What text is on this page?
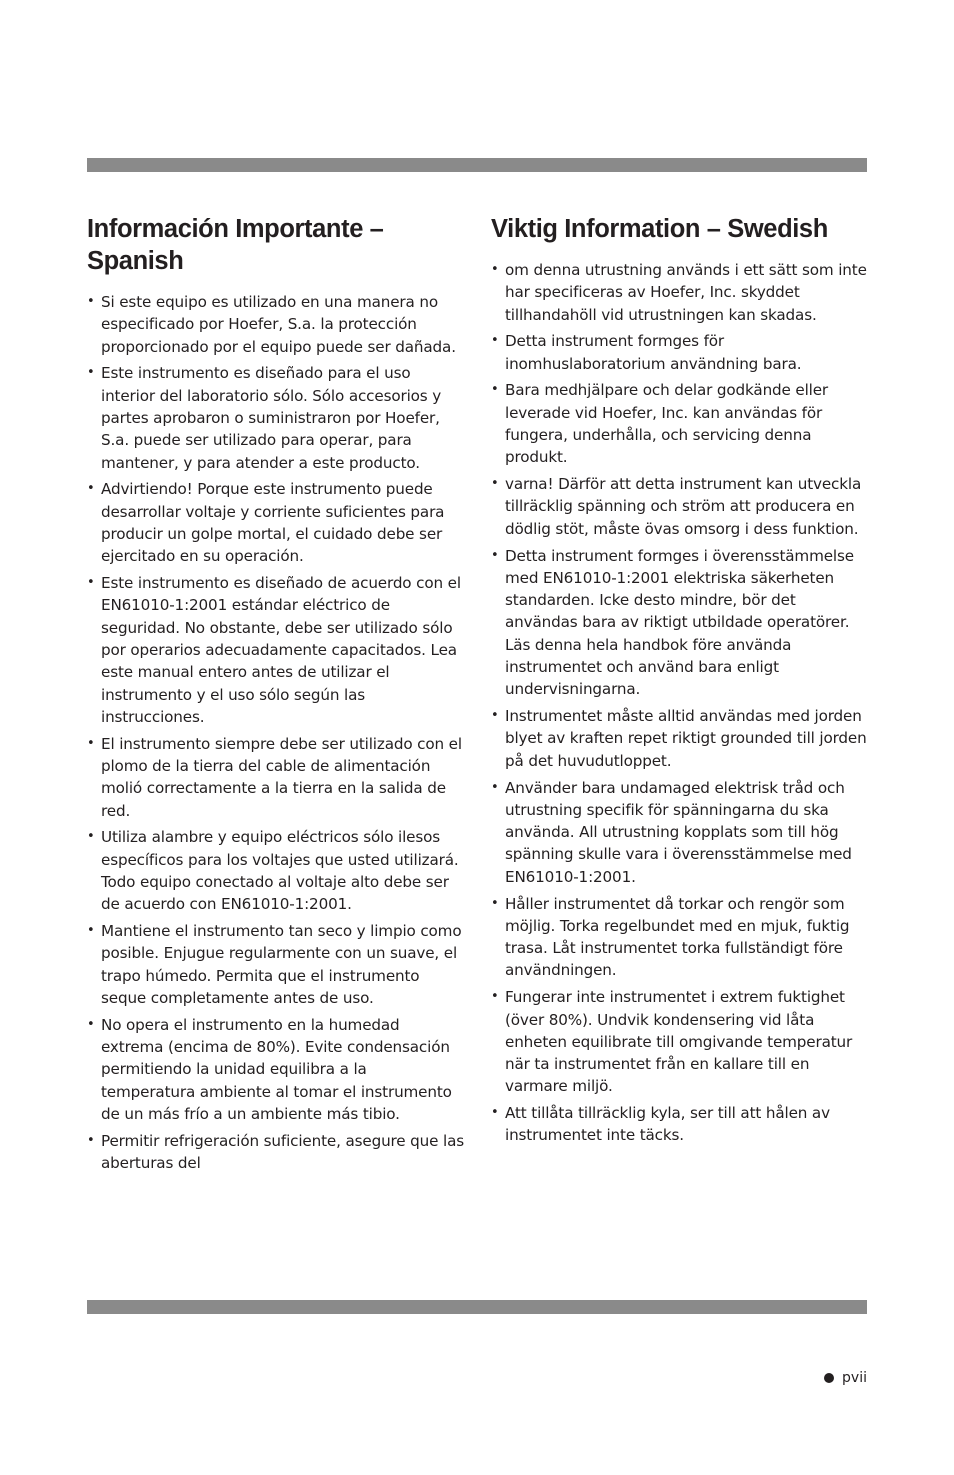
Información Importante –
Spanish
• Si este equipo es utilizado en una manera no especificado por Hoefer, S.a. la protección proporcionado por el equipo puede ser dañada.
• Este instrumento es diseñado para el uso interior del laboratorio sólo. Sólo accesorios y partes aprobaron o suministraron por Hoefer, S.a. puede ser utilizado para operar, para mantener, y para atender a este producto.
• Advirtiendo! Porque este instrumento puede desarrollar voltaje y corriente suficientes para producir un golpe mortal, el cuidado debe ser ejercitado en su operación.
• Este instrumento es diseñado de acuerdo con el EN61010-1:2001 estándar eléctrico de seguridad. No obstante, debe ser utilizado sólo por operarios adecuadamente capacitados. Lea este manual entero antes de utilizar el instrumento y el uso sólo según las instrucciones.
• El instrumento siempre debe ser utilizado con el plomo de la tierra del cable de alimentación molió correctamente a la tierra en la salida de red.
• Utiliza alambre y equipo eléctricos sólo ilesos específicos para los voltajes que usted utilizará. Todo equipo conectado al voltaje alto debe ser de acuerdo con EN61010-1:2001.
• Mantiene el instrumento tan seco y limpio como posible. Enjugue regularmente con un suave, el trapo húmedo. Permita que el instrumento seque completamente antes de uso.
• No opera el instrumento en la humedad extrema (encima de 80%). Evite condensación permitiendo la unidad equilibra a la temperatura ambiente al tomar el instrumento de un más frío a un ambiente más tibio.
• Permitir refrigeración suficiente, asegure que las aberturas del
Viktig Information – Swedish
• om denna utrustning används i ett sätt som inte har specificeras av Hoefer, Inc. skyddet tillhandahöll vid utrustningen kan skadas.
• Detta instrument formges för inomhuslaboratorium användning bara.
• Bara medhjälpare och delar godkände eller leverade vid Hoefer, Inc. kan användas för fungera, underhålla, och servicing denna produkt.
• varna! Därför att detta instrument kan utveckla tillräcklig spänning och ström att producera en dödlig stöt, måste övas omsorg i dess funktion.
• Detta instrument formges i överensstämmelse med EN61010-1:2001 elektriska säkerheten standarden. Icke desto mindre, bör det användas bara av riktigt utbildade operatörer. Läs denna hela handbok före använda instrumentet och använd bara enligt undervisningarna.
• Instrumentet måste alltid användas med jorden blyet av kraften repet riktigt grounded till jorden på det huvudutloppet.
• Använder bara undamaged elektrisk tråd och utrustning specifik för spänningarna du ska använda. All utrustning kopplats som till hög spänning skulle vara i överensstämmelse med EN61010-1:2001.
• Håller instrumentet då torkar och rengör som möjlig. Torka regelbundet med en mjuk, fuktig trasa. Låt instrumentet torka fullständigt före användningen.
• Fungerar inte instrumentet i extrem fuktighet (över 80%). Undvik kondensering vid låta enheten equilibrate till omgivande temperatur när ta instrumentet från en kallare till en varmare miljö.
• Att tillåta tillräcklig kyla, ser till att hålen av instrumentet inte täcks.
pvii
